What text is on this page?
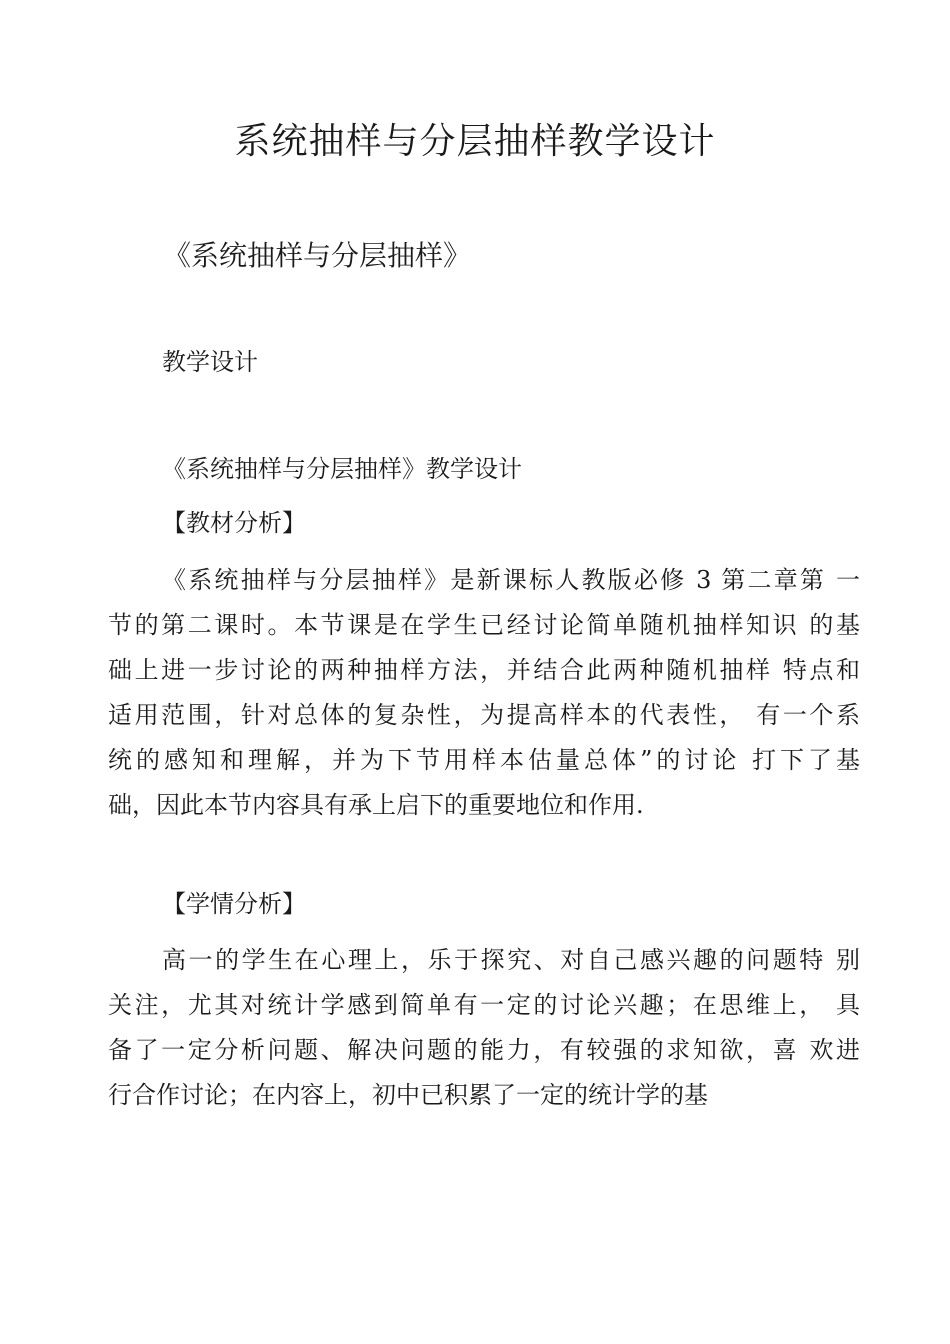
系统抽样与分层抽样教学设计
《系统抽样与分层抽样》
教学设计
《系统抽样与分层抽样》教学设计
【教材分析】
《系统抽样与分层抽样》是新课标人教版必修 3 第二章第 一
节的第二课时。本节课是在学生已经讨论简单随机抽样知识 的基
础上进一步讨论的两种抽样方法，并结合此两种随机抽样 特点和
适用范围，针对总体的复杂性，为提高样本的代表性， 有一个系
统的感知和理解，并为下节用样本估量总体”的讨论 打下了基
础，因此本节内容具有承上启下的重要地位和作用.
【学情分析】
高一的学生在心理上，乐于探究、对自己感兴趣的问题特 别
关注，尤其对统计学感到简单有一定的讨论兴趣；在思维上， 具
备了一定分析问题、解决问题的能力，有较强的求知欲，喜 欢进
行合作讨论；在内容上，初中已积累了一定的统计学的基
